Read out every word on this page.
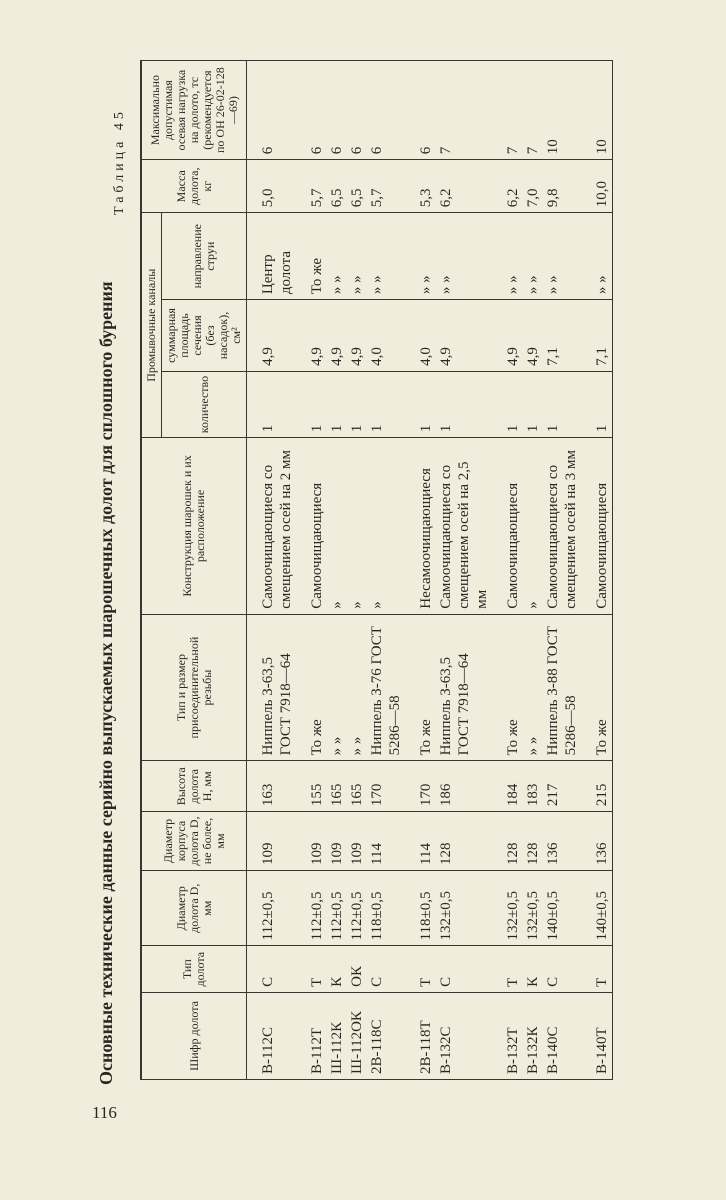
116
Основные технические данные серийно выпускаемых шарошечных долот для сплошного бурения
Таблица 45
Шифр долота	Тип долота	Диаметр долота D, мм	Диаметр корпуса долота D, не более, мм	Высота долота H, мм	Тип и размер присоединительной резьбы	Конструкция шарошек и их расположение	Промывочные каналы			Масса долота, кг	Максимально допустимая осевая нагрузка на долото, тс (рекомендуется по ОН 26-02-128—69)
							количество	суммарная площадь сечения (без насадок), см²	направление струи		
В-112С	С	112±0,5	109	163	Ниппель З-63,5 ГОСТ 7918—64	Самоочищающиеся со смещением осей на 2 мм	1	4,9	Центр долота	5,0	6
В-112Т	Т	112±0,5	109	155	То же	Самоочищающиеся	1	4,9	То же	5,7	6
Ш-112К	К	112±0,5	109	165	» »	»	1	4,9	» »	6,5	6
Ш-112ОК	ОК	112±0,5	109	165	» »	»	1	4,9	» »	6,5	6
2В-118С	С	118±0,5	114	170	Ниппель З-76 ГОСТ 5286—58	»	1	4,0	» »	5,7	6
2В-118Т	Т	118±0,5	114	170	То же	Несамоочищающиеся	1	4,0	» »	5,3	6
В-132С	С	132±0,5	128	186	Ниппель З-63,5 ГОСТ 7918—64	Самоочищающиеся со смещением осей на 2,5 мм	1	4,9	» »	6,2	7
В-132Т	Т	132±0,5	128	184	То же	Самоочищающиеся	1	4,9	» »	6,2	7
В-132К	К	132±0,5	128	183	» »	»	1	4,9	» »	7,0	7
В-140С	С	140±0,5	136	217	Ниппель З-88 ГОСТ 5286—58	Самоочищающиеся со смещением осей на 3 мм	1	7,1	» »	9,8	10
В-140Т	Т	140±0,5	136	215	То же	Самоочищающиеся	1	7,1	» »	10,0	10
